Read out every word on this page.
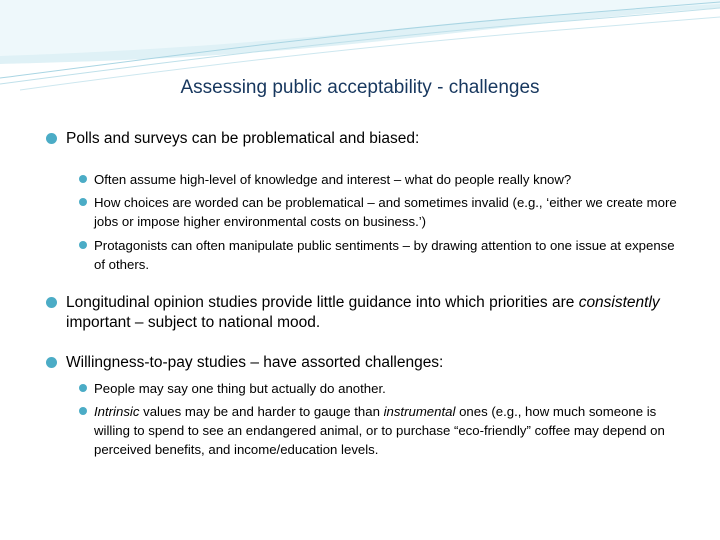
Assessing public acceptability - challenges
Polls and surveys can be problematical and biased:
Often assume high-level of knowledge and interest – what do people really know?
How choices are worded can be problematical – and sometimes invalid (e.g., ‘either we create more jobs or impose higher environmental costs on business.’)
Protagonists can often manipulate public sentiments – by drawing attention to one issue at expense of others.
Longitudinal opinion studies provide little guidance into which priorities are consistently important – subject to national mood.
Willingness-to-pay studies – have assorted challenges:
People may say one thing but actually do another.
Intrinsic values may be and harder to gauge than instrumental ones (e.g., how much someone is willing to spend to see an endangered animal, or to purchase “eco-friendly” coffee may depend on perceived benefits, and income/education levels.
